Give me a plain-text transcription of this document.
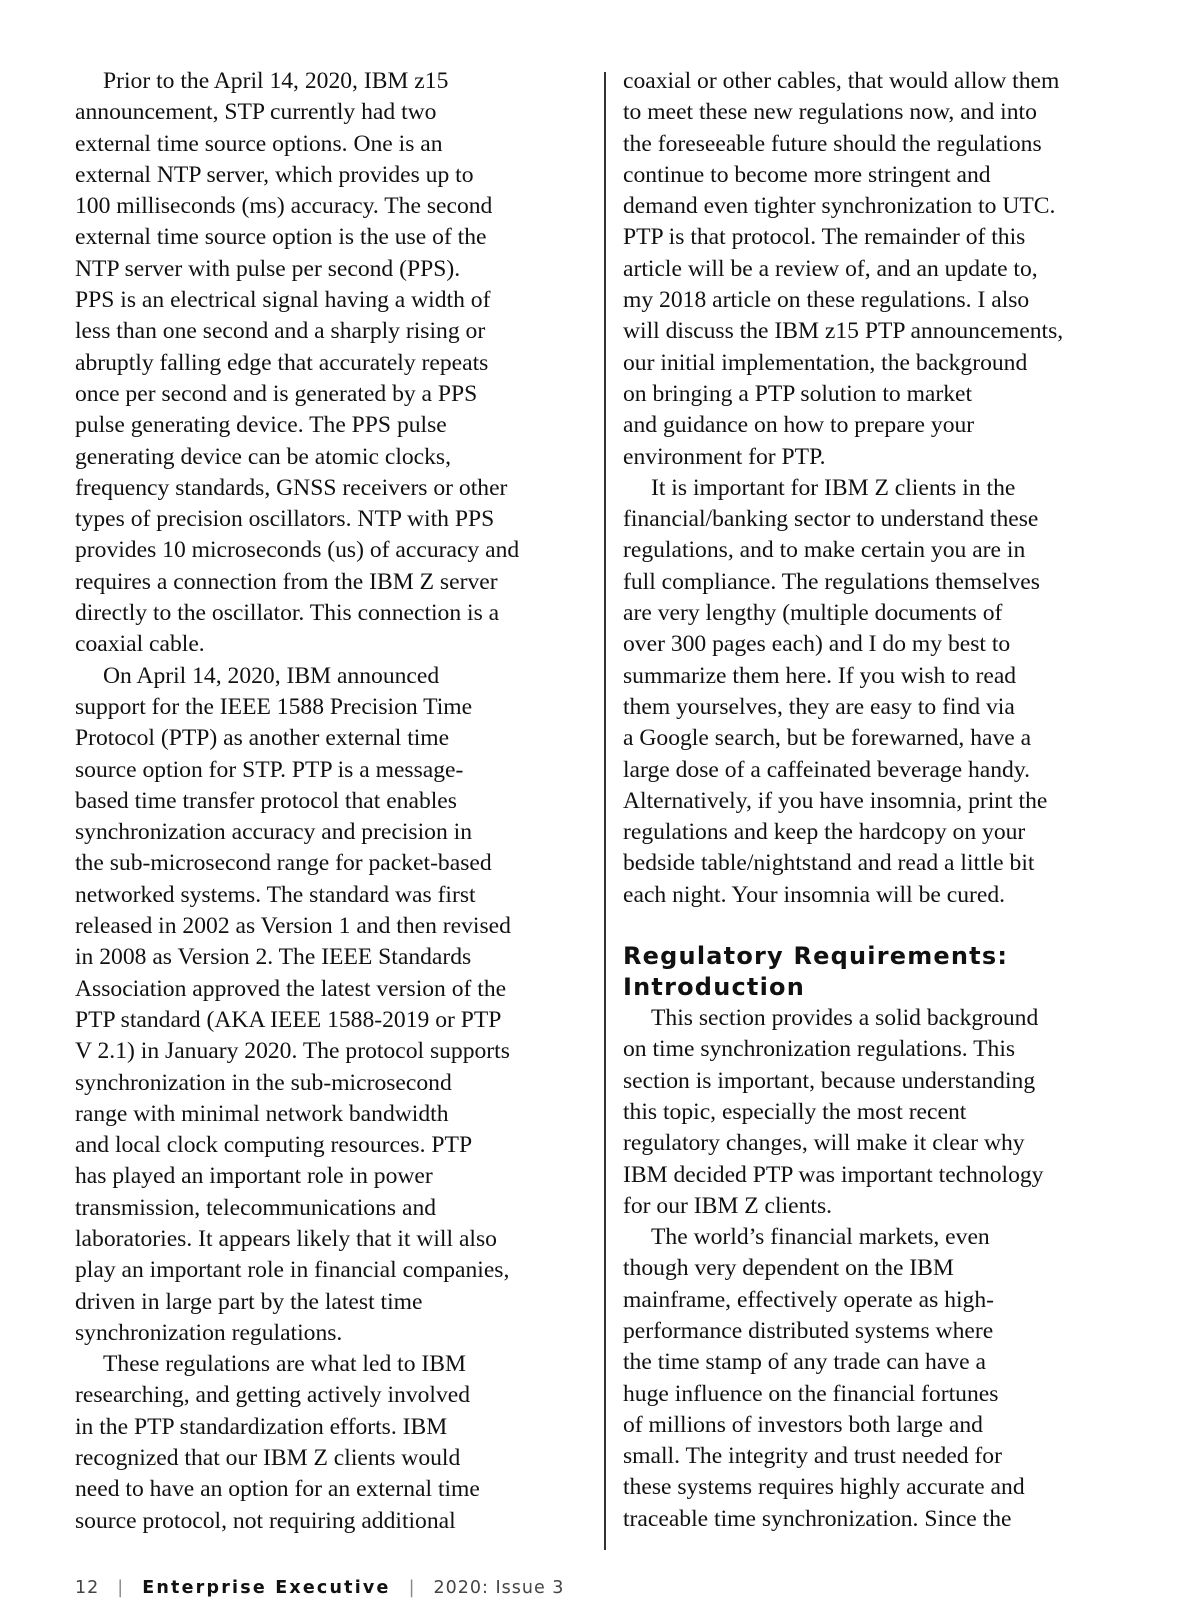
Prior to the April 14, 2020, IBM z15
announcement, STP currently had two
external time source options. One is an
external NTP server, which provides up to
100 milliseconds (ms) accuracy. The second
external time source option is the use of the
NTP server with pulse per second (PPS).
PPS is an electrical signal having a width of
less than one second and a sharply rising or
abruptly falling edge that accurately repeats
once per second and is generated by a PPS
pulse generating device. The PPS pulse
generating device can be atomic clocks,
frequency standards, GNSS receivers or other
types of precision oscillators. NTP with PPS
provides 10 microseconds (us) of accuracy and
requires a connection from the IBM Z server
directly to the oscillator. This connection is a
coaxial cable.

On April 14, 2020, IBM announced
support for the IEEE 1588 Precision Time
Protocol (PTP) as another external time
source option for STP. PTP is a message-
based time transfer protocol that enables
synchronization accuracy and precision in
the sub-microsecond range for packet-based
networked systems. The standard was first
released in 2002 as Version 1 and then revised
in 2008 as Version 2. The IEEE Standards
Association approved the latest version of the
PTP standard (AKA IEEE 1588-2019 or PTP
V 2.1) in January 2020. The protocol supports
synchronization in the sub-microsecond
range with minimal network bandwidth
and local clock computing resources. PTP
has played an important role in power
transmission, telecommunications and
laboratories. It appears likely that it will also
play an important role in financial companies,
driven in large part by the latest time
synchronization regulations.

These regulations are what led to IBM
researching, and getting actively involved
in the PTP standardization efforts. IBM
recognized that our IBM Z clients would
need to have an option for an external time
source protocol, not requiring additional

coaxial or other cables, that would allow them
to meet these new regulations now, and into
the foreseeable future should the regulations
continue to become more stringent and
demand even tighter synchronization to UTC.
PTP is that protocol. The remainder of this
article will be a review of, and an update to,
my 2018 article on these regulations. I also
will discuss the IBM z15 PTP announcements,
our initial implementation, the background
on bringing a PTP solution to market
and guidance on how to prepare your
environment for PTP.

It is important for IBM Z clients in the
financial/banking sector to understand these
regulations, and to make certain you are in
full compliance. The regulations themselves
are very lengthy (multiple documents of
over 300 pages each) and I do my best to
summarize them here. If you wish to read
them yourselves, they are easy to find via
a Google search, but be forewarned, have a
large dose of a caffeinated beverage handy.
Alternatively, if you have insomnia, print the
regulations and keep the hardcopy on your
bedside table/nightstand and read a little bit
each night. Your insomnia will be cured.

Regulatory Requirements:
Introduction

This section provides a solid background
on time synchronization regulations. This
section is important, because understanding
this topic, especially the most recent
regulatory changes, will make it clear why
IBM decided PTP was important technology
for our IBM Z clients.

The world’s financial markets, even
though very dependent on the IBM
mainframe, effectively operate as high-
performance distributed systems where
the time stamp of any trade can have a
huge influence on the financial fortunes
of millions of investors both large and
small. The integrity and trust needed for
these systems requires highly accurate and
traceable time synchronization. Since the

12 | Enterprise Executive | 2020: Issue 3
